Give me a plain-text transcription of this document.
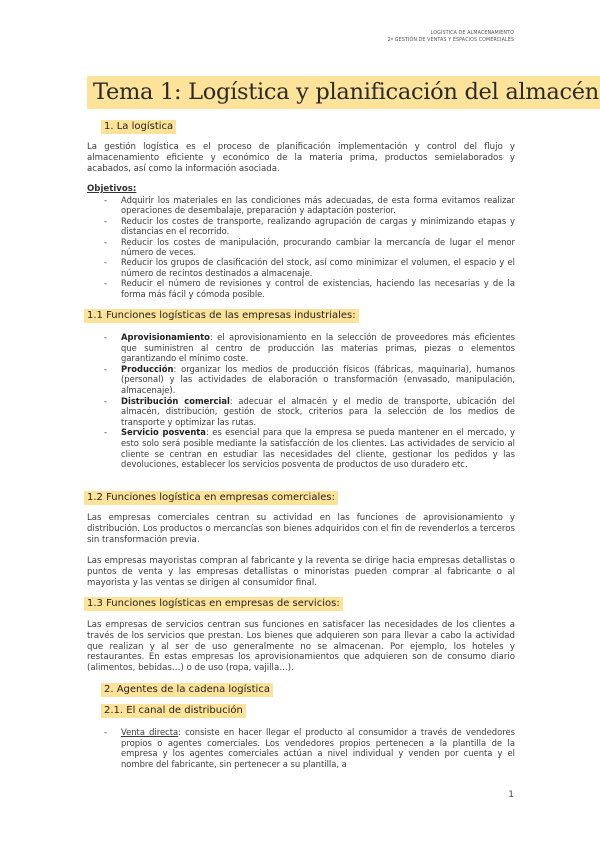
LOGÍSTICA DE ALMACENAMIENTO
2º GESTIÓN DE VENTAS Y ESPACIOS COMERCIALES
Tema 1: Logística y planificación del almacén
1. La logística

La gestión logística es el proceso de planificación implementación y control del flujo y almacenamiento eficiente y económico de la materia prima, productos semielaborados y acabados, así como la información asociada.

Objetivos:
- Adquirir los materiales en las condiciones más adecuadas, de esta forma evitamos realizar operaciones de desembalaje, preparación y adaptación posterior.
- Reducir los costes de transporte, realizando agrupación de cargas y minimizando etapas y distancias en el recorrido.
- Reducir los costes de manipulación, procurando cambiar la mercancía de lugar el menor número de veces.
- Reducir los grupos de clasificación del stock, así como minimizar el volumen, el espacio y el número de recintos destinados a almacenaje.
- Reducir el número de revisiones y control de existencias, haciendo las necesarias y de la forma más fácil y cómoda posible.
1.1 Funciones logísticas de las empresas industriales:
- Aprovisionamiento: el aprovisionamiento en la selección de proveedores más eficientes que suministren al centro de producción las materias primas, piezas o elementos garantizando el mínimo coste.
- Producción: organizar los medios de producción físicos (fábricas, maquinaria), humanos (personal) y las actividades de elaboración o transformación (envasado, manipulación, almacenaje).
- Distribución comercial: adecuar el almacén y el medio de transporte, ubicación del almacén, distribución, gestión de stock, criterios para la selección de los medios de transporte y optimizar las rutas.
- Servicio posventa: es esencial para que la empresa se pueda mantener en el mercado, y esto solo será posible mediante la satisfacción de los clientes. Las actividades de servicio al cliente se centran en estudiar las necesidades del cliente, gestionar los pedidos y las devoluciones, establecer los servicios posventa de productos de uso duradero etc.
1.2 Funciones logística en empresas comerciales:

Las empresas comerciales centran su actividad en las funciones de aprovisionamiento y distribución. Los productos o mercancías son bienes adquiridos con el fin de revenderlos a terceros sin transformación previa.

Las empresas mayoristas compran al fabricante y la reventa se dirige hacia empresas detallistas o puntos de venta y las empresas detallistas o minoristas pueden comprar al fabricante o al mayorista y las ventas se dirigen al consumidor final.

1.3 Funciones logísticas en empresas de servicios:

Las empresas de servicios centran sus funciones en satisfacer las necesidades de los clientes a través de los servicios que prestan. Los bienes que adquieren son para llevar a cabo la actividad que realizan y al ser de uso generalmente no se almacenan. Por ejemplo, los hoteles y restaurantes. En estas empresas los aprovisionamientos que adquieren son de consumo diario (alimentos, bebidas…) o de uso (ropa, vajilla…).

2. Agentes de la cadena logística
2.1. El canal de distribución
- Venta directa: consiste en hacer llegar el producto al consumidor a través de vendedores propios o agentes comerciales. Los vendedores propios pertenecen a la plantilla de la empresa y los agentes comerciales actúan a nivel individual y venden por cuenta y el nombre del fabricante, sin pertenecer a su plantilla, a
1
